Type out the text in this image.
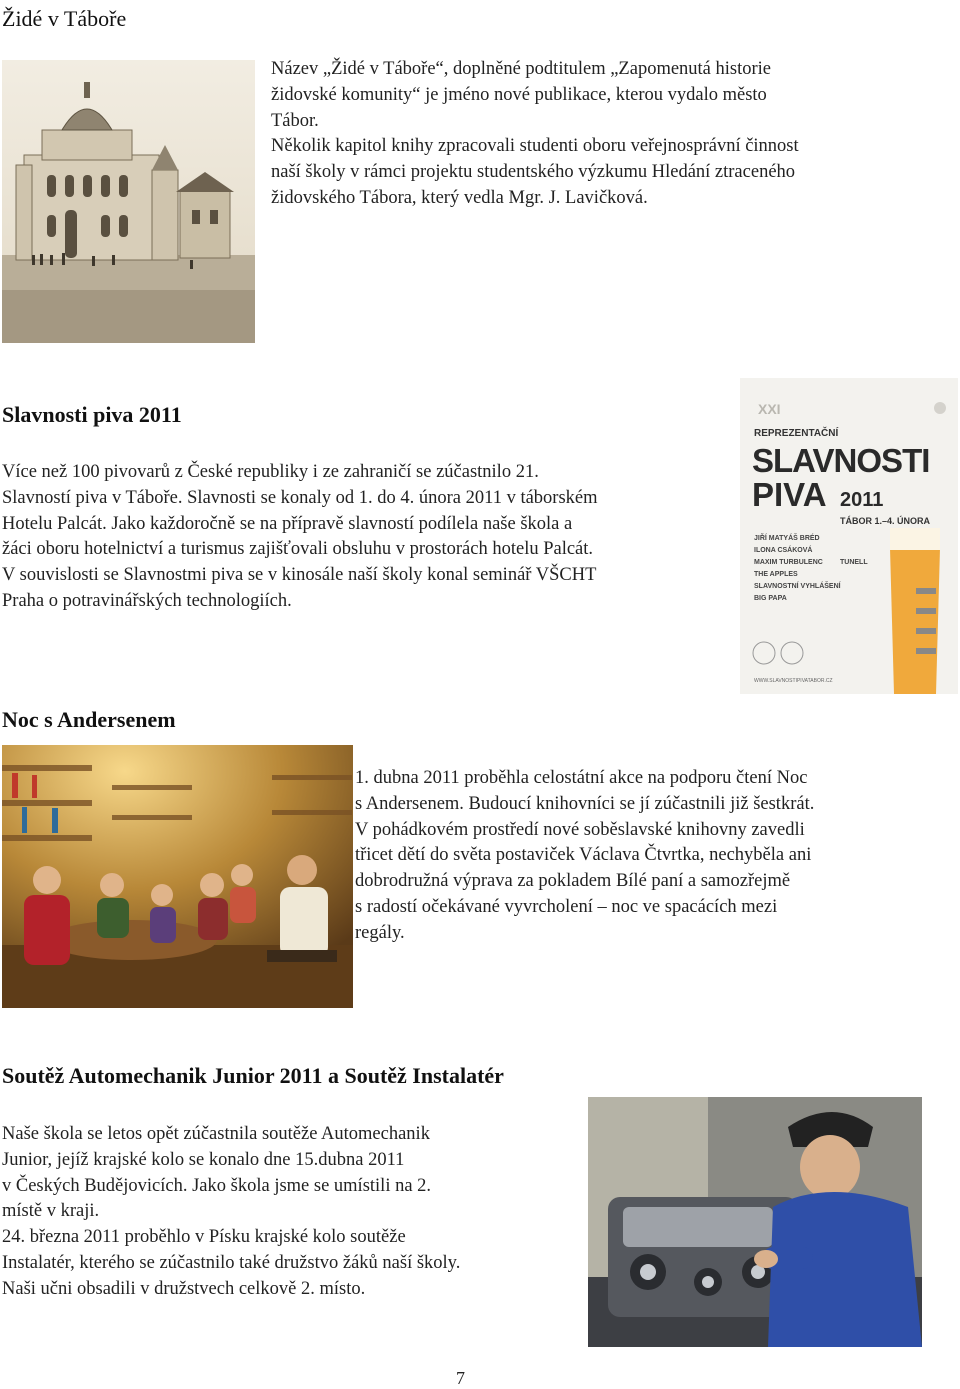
Židé v Táboře

Název „Židé v Táboře“, doplněné podtitulem „Zapomenutá historie

židovské komunity“ je jméno nové publikace, kterou vydalo město

Tábor.

Několik kapitol knihy zpracovali studenti oboru veřejnosprávní činnost

naší školy v rámci projektu studentského výzkumu Hledání ztraceného

židovského Tábora, který vedla Mgr. J. Lavičková.

Slavnosti piva 2011

Více než 100 pivovarů z České republiky i ze zahraničí se zúčastnilo 21.

Slavností piva v Táboře. Slavnosti se konaly od 1. do 4. února 2011 v táborském

Hotelu Palcát. Jako každoročně se na přípravě slavností podílela naše škola a

žáci oboru hotelnictví a turismus zajišťovali obsluhu v prostorách hotelu Palcát.

V souvislosti se Slavnostmi piva se v kinosále naší školy konal seminář VŠCHT

Praha o potravinářských technologiích.

XXI
REPREZENTAČNÍ
SLAVNOSTI
PIVA 2011
TÁBOR 1.–4. ÚNORA
JIŘÍ MATYÁŠ BRÉD
ILONA CSÁKOVÁ
MAXIM TURBULENC TUNELL
THE APPLES
SLAVNOSTNÍ VYHLÁŠENÍ
BIG PAPA
WWW.SLAVNOSTIPIVATABOR.CZ
Noc s Andersenem

1. dubna 2011 proběhla celostátní akce na podporu čtení Noc

s Andersenem. Budoucí knihovníci se jí zúčastnili již šestkrát.

V pohádkovém prostředí nové soběslavské knihovny zavedli

třicet dětí do světa postaviček Václava Čtvrtka, nechyběla ani

dobrodružná výprava za pokladem Bílé paní a samozřejmě

s radostí očekávané vyvrcholení – noc ve spacácích mezi

regály.

Soutěž Automechanik Junior 2011 a Soutěž Instalatér

Naše škola se letos opět zúčastnila soutěže Automechanik

Junior, jejíž krajské kolo se konalo dne 15.dubna 2011

v Českých Budějovicích. Jako škola jsme se umístili na 2.

místě v kraji.

24. března 2011 proběhlo v Písku krajské kolo soutěže

Instalatér, kterého se zúčastnilo také družstvo žáků naší školy.

Naši učni obsadili v družstvech celkově 2. místo.

7
